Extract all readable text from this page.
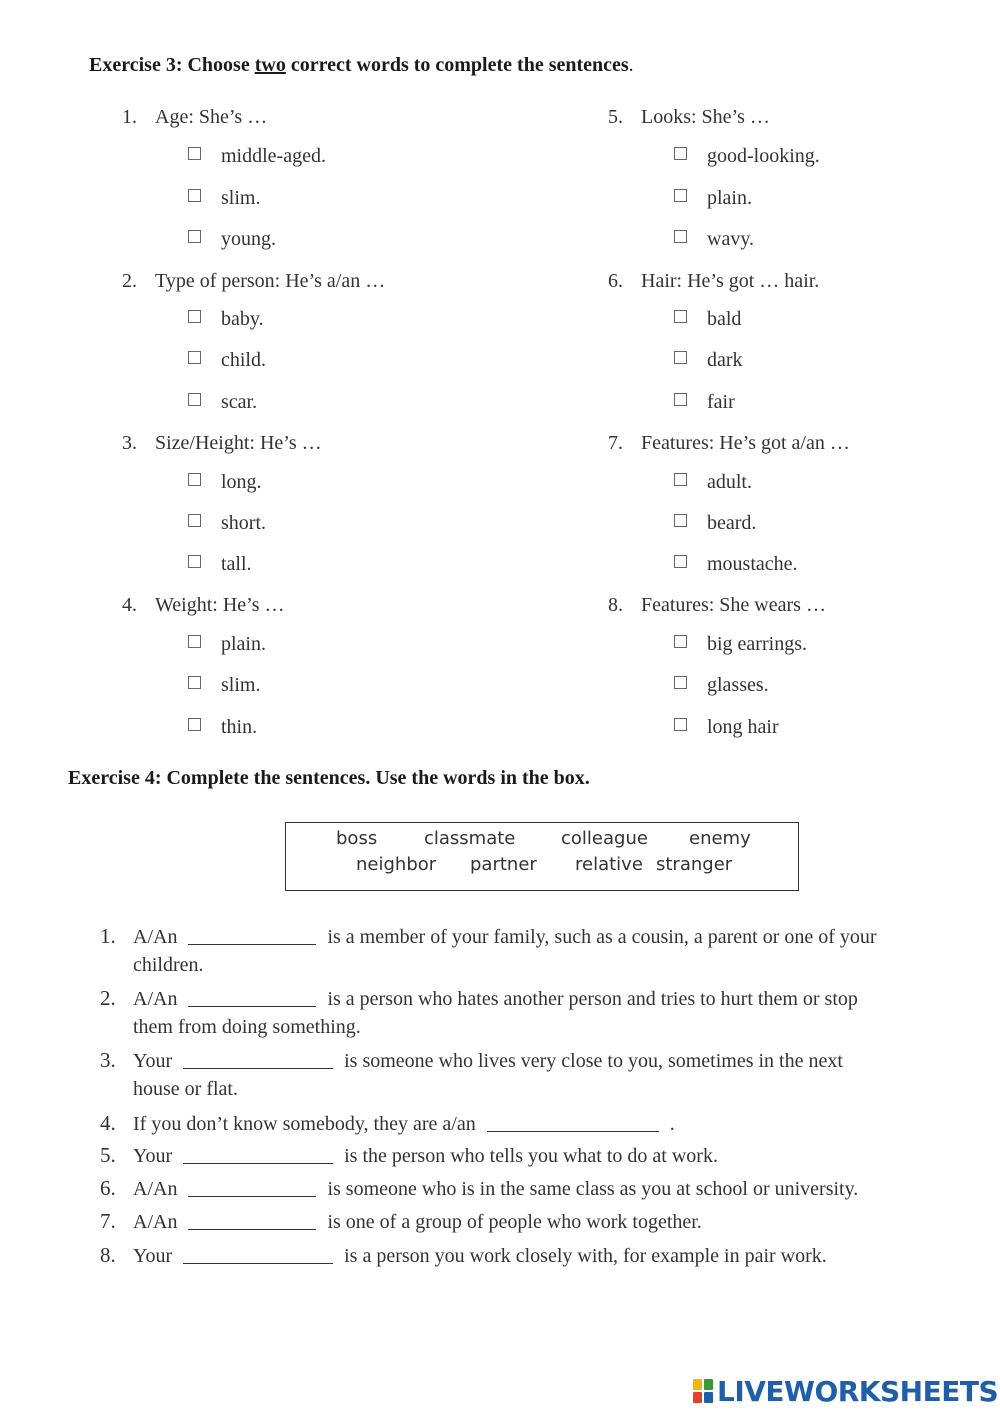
Exercise 3: Choose two correct words to complete the sentences.
1. Age: She’s …
middle-aged.
slim.
young.
2. Type of person: He’s a/an …
baby.
child.
scar.
3. Size/Height: He’s …
long.
short.
tall.
4. Weight: He’s …
plain.
slim.
thin.
5. Looks: She’s …
good-looking.
plain.
wavy.
6. Hair: He’s got … hair.
bald
dark
fair
7. Features: He’s got a/an …
adult.
beard.
moustache.
8. Features: She wears …
big earrings.
glasses.
long hair
Exercise 4: Complete the sentences. Use the words in the box.
boss	classmate	colleague enemy
neighbor partner relative stranger
1. A/An	is a member of your family, such as a cousin, a parent or one of your
children.
2. A/An	is a person who hates another person and tries to hurt them or stop
them from doing something.
3. Your	is someone who lives very close to you, sometimes in the next
house or flat.
4. If you don’t know somebody, they are a/an	.
5. Your	is the person who tells you what to do at work.
6. A/An	is someone who is in the same class as you at school or university.
7. A/An	is one of a group of people who work together.
8. Your	is a person you work closely with, for example in pair work.
LIVEWORKSHEETS
